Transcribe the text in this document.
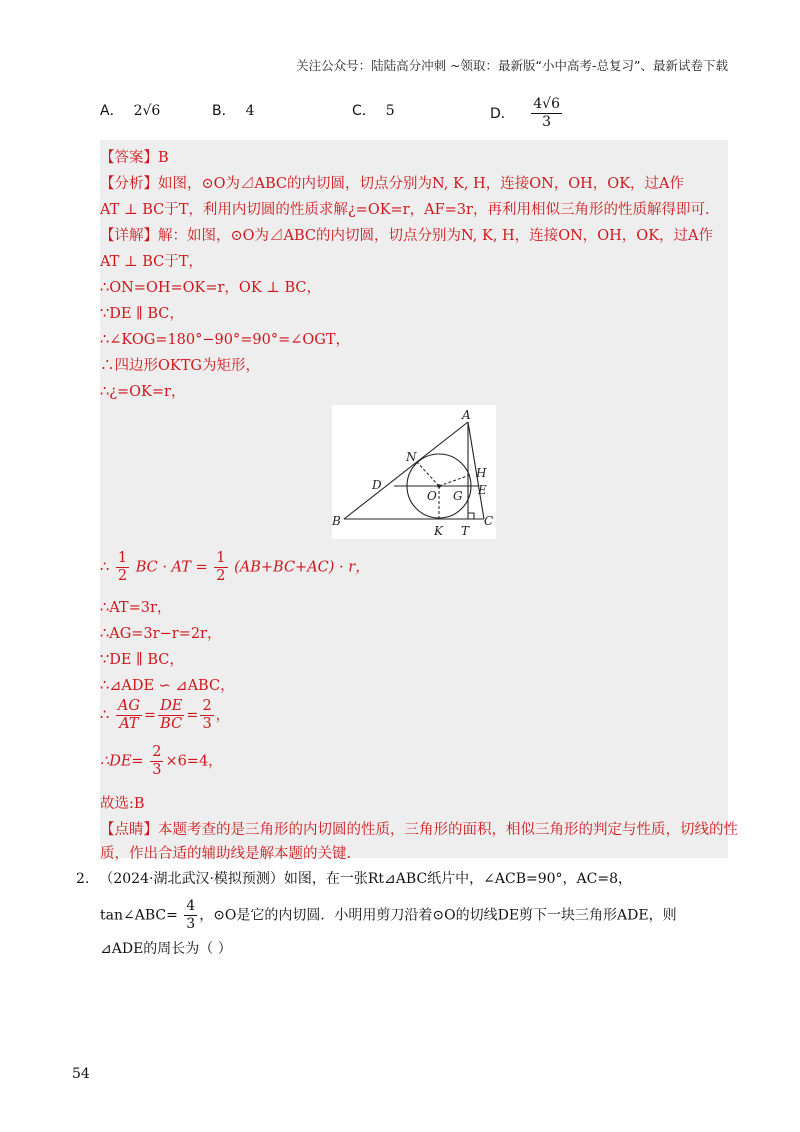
关注公众号：陆陆高分冲刺 ~领取：最新版“小中高考-总复习”、最新试卷下载
A． 2√6	B． 4	C． 5	D． $\frac{4√6}{3}$
【答案】B
【分析】如图，⊙O为⊿ABC的内切圆，切点分别为N, K, H，连接ON，OH，OK，过A作
AT ⊥ BC于T，利用内切圆的性质求解¿=OK=r，AF=3r，再利用相似三角形的性质解得即可.
【详解】解：如图，⊙O为⊿ABC的内切圆，切点分别为N, K, H，连接ON，OH，OK，过A作
AT ⊥ BC于T，
∴ON=OH=OK=r，OK ⊥ BC，
∵DE ∥ BC，
∴∠KOG=180°−90°=90°=∠OGT，
∴四边形OKTG为矩形，
∴¿=OK=r，
A
B	C
D	E
H
N
O G
K T
∴ $\frac{1}{2}$ BC · AT = $\frac{1}{2} (AB+BC+AC) \cdot r$，
∴AT=3r，
∴AG=3r−r=2r，
∵DE ∥ BC，
∴⊿ADE ∽ ⊿ABC，
∴ $\frac{AG}{AT} = \frac{DE}{BC} = \frac{2}{3}$ ，
∴DE= $\frac{2}{3} \times 6=4$，
故选:B
【点睛】本题考查的是三角形的内切圆的性质，三角形的面积，相似三角形的判定与性质，切线的性
质，作出合适的辅助线是解本题的关键.
2. （2024·湖北武汉·模拟预测）如图，在一张Rt⊿ABC纸片中，∠ACB=90°，AC=8，
tan∠ABC= $\frac{4}{3}$ ，⊙O是它的内切圆．小明用剪刀沿着⊙O的切线DE剪下一块三角形ADE，则
⊿ADE的周长为（ ）
54
